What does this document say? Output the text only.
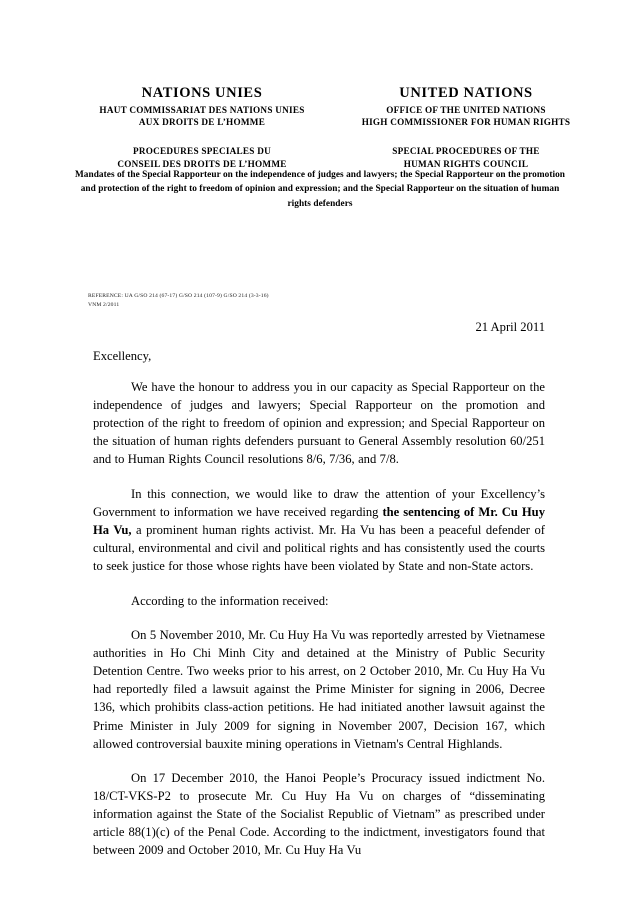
NATIONS UNIES
HAUT COMMISSARIAT DES NATIONS UNIES
AUX DROITS DE L’HOMME
PROCEDURES SPECIALES DU
CONSEIL DES DROITS DE L’HOMME
UNITED NATIONS
OFFICE OF THE UNITED NATIONS
HIGH COMMISSIONER FOR HUMAN RIGHTS
SPECIAL PROCEDURES OF THE
HUMAN RIGHTS COUNCIL
Mandates of the Special Rapporteur on the independence of judges and lawyers; the Special Rapporteur on the promotion and protection of the right to freedom of opinion and expression; and the Special Rapporteur on the situation of human rights defenders
REFERENCE: UA G/SO 214 (67-17) G/SO 214 (107-9) G/SO 214 (3-3-16)
VNM 2/2011
21 April 2011
Excellency,

We have the honour to address you in our capacity as Special Rapporteur on the independence of judges and lawyers; Special Rapporteur on the promotion and protection of the right to freedom of opinion and expression; and Special Rapporteur on the situation of human rights defenders pursuant to General Assembly resolution 60/251 and to Human Rights Council resolutions 8/6, 7/36, and 7/8.

In this connection, we would like to draw the attention of your Excellency’s Government to information we have received regarding the sentencing of Mr. Cu Huy Ha Vu, a prominent human rights activist. Mr. Ha Vu has been a peaceful defender of cultural, environmental and civil and political rights and has consistently used the courts to seek justice for those whose rights have been violated by State and non-State actors.

According to the information received:

On 5 November 2010, Mr. Cu Huy Ha Vu was reportedly arrested by Vietnamese authorities in Ho Chi Minh City and detained at the Ministry of Public Security Detention Centre. Two weeks prior to his arrest, on 2 October 2010, Mr. Cu Huy Ha Vu had reportedly filed a lawsuit against the Prime Minister for signing in 2006, Decree 136, which prohibits class-action petitions. He had initiated another lawsuit against the Prime Minister in July 2009 for signing in November 2007, Decision 167, which allowed controversial bauxite mining operations in Vietnam's Central Highlands.

On 17 December 2010, the Hanoi People’s Procuracy issued indictment No. 18/CT-VKS-P2 to prosecute Mr. Cu Huy Ha Vu on charges of “disseminating information against the State of the Socialist Republic of Vietnam” as prescribed under article 88(1)(c) of the Penal Code. According to the indictment, investigators found that between 2009 and October 2010, Mr. Cu Huy Ha Vu
